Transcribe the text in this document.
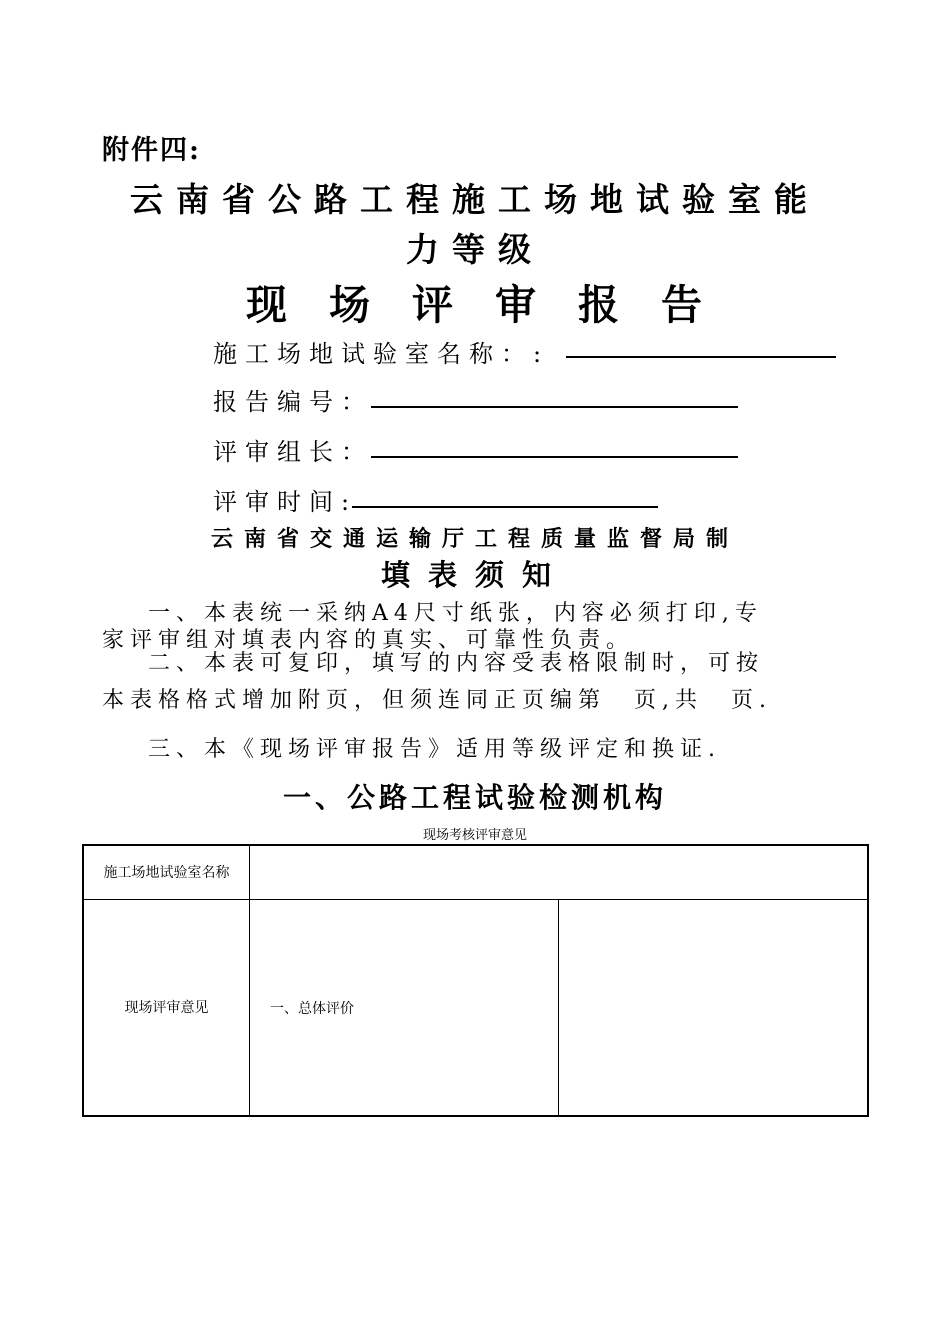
附件四:
云南省公路工程施工场地试验室能
力等级
现场评审报告
施工场地试验室名称：:
报告编号：
评审组长：
评审时间:
云南省交通运输厅工程质量监督局制
填表须知
一、本表统一采纳A4尺寸纸张，内容必须打印,专
家评审组对填表内容的真实、可靠性负责。
二、本表可复印，填写的内容受表格限制时，可按
本表格格式增加附页，但须连同正页编第　页,共　页.
三、本《现场评审报告》适用等级评定和换证.
一、公路工程试验检测机构
现场考核评审意见
施工场地试验室名称		
现场评审意见	一、总体评价	
